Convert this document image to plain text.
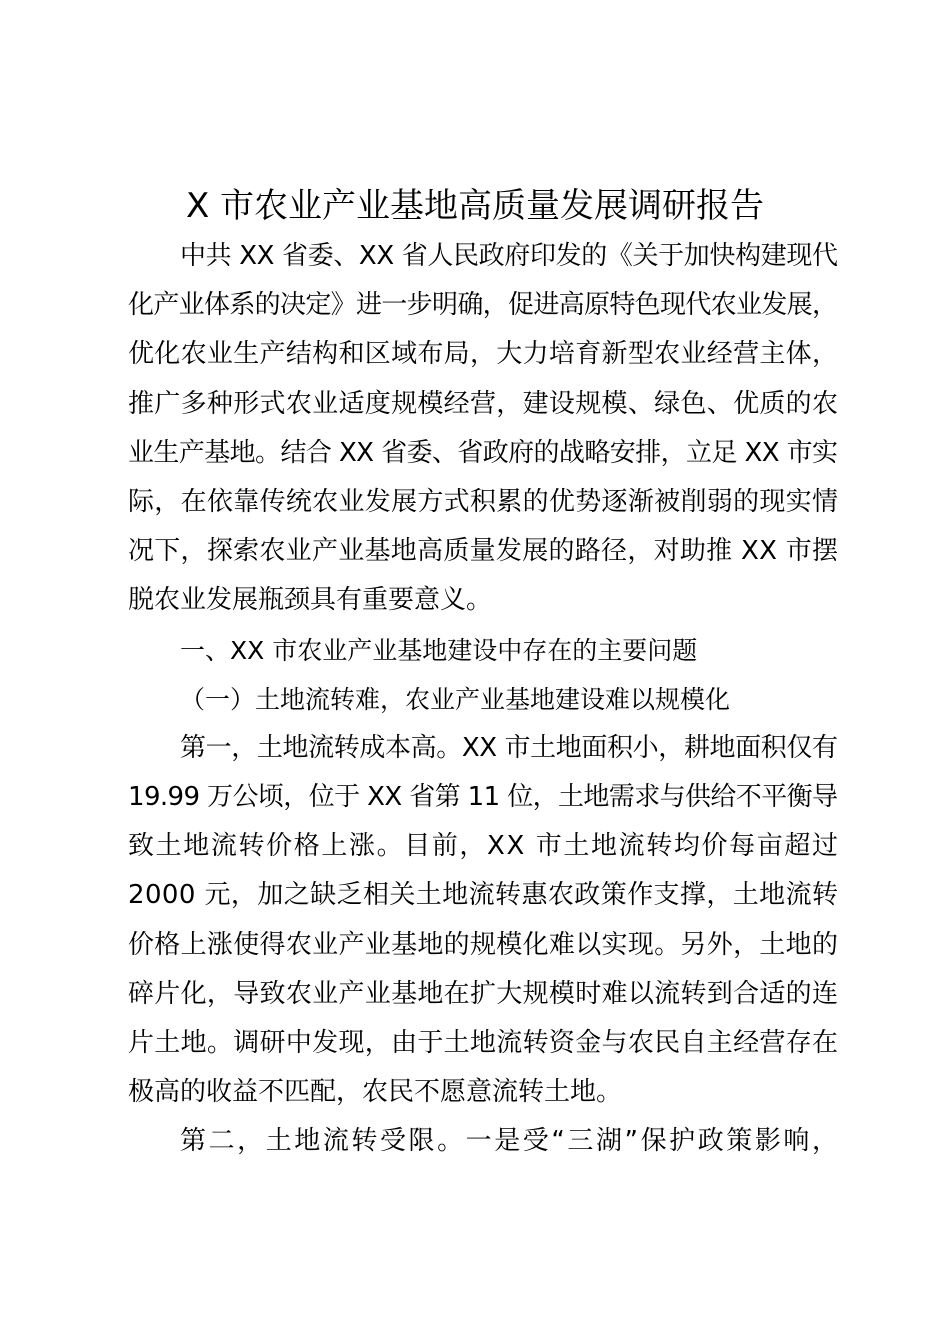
X 市农业产业基地高质量发展调研报告
中共 XX 省委、XX 省人民政府印发的《关于加快构建现代
化产业体系的决定》进一步明确，促进高原特色现代农业发展，
优化农业生产结构和区域布局，大力培育新型农业经营主体，
推广多种形式农业适度规模经营，建设规模、绿色、优质的农
业生产基地。结合 XX 省委、省政府的战略安排，立足 XX 市实
际，在依靠传统农业发展方式积累的优势逐渐被削弱的现实情
况下，探索农业产业基地高质量发展的路径，对助推 XX 市摆
脱农业发展瓶颈具有重要意义。
一、XX 市农业产业基地建设中存在的主要问题
（一）土地流转难，农业产业基地建设难以规模化
第一，土地流转成本高。XX 市土地面积小，耕地面积仅有
19.99 万公顷，位于 XX 省第 11 位，土地需求与供给不平衡导
致土地流转价格上涨。目前，XX 市土地流转均价每亩超过
2000 元，加之缺乏相关土地流转惠农政策作支撑，土地流转
价格上涨使得农业产业基地的规模化难以实现。另外，土地的
碎片化，导致农业产业基地在扩大规模时难以流转到合适的连
片土地。调研中发现，由于土地流转资金与农民自主经营存在
极高的收益不匹配，农民不愿意流转土地。
第二，土地流转受限。一是受“三湖”保护政策影响，
